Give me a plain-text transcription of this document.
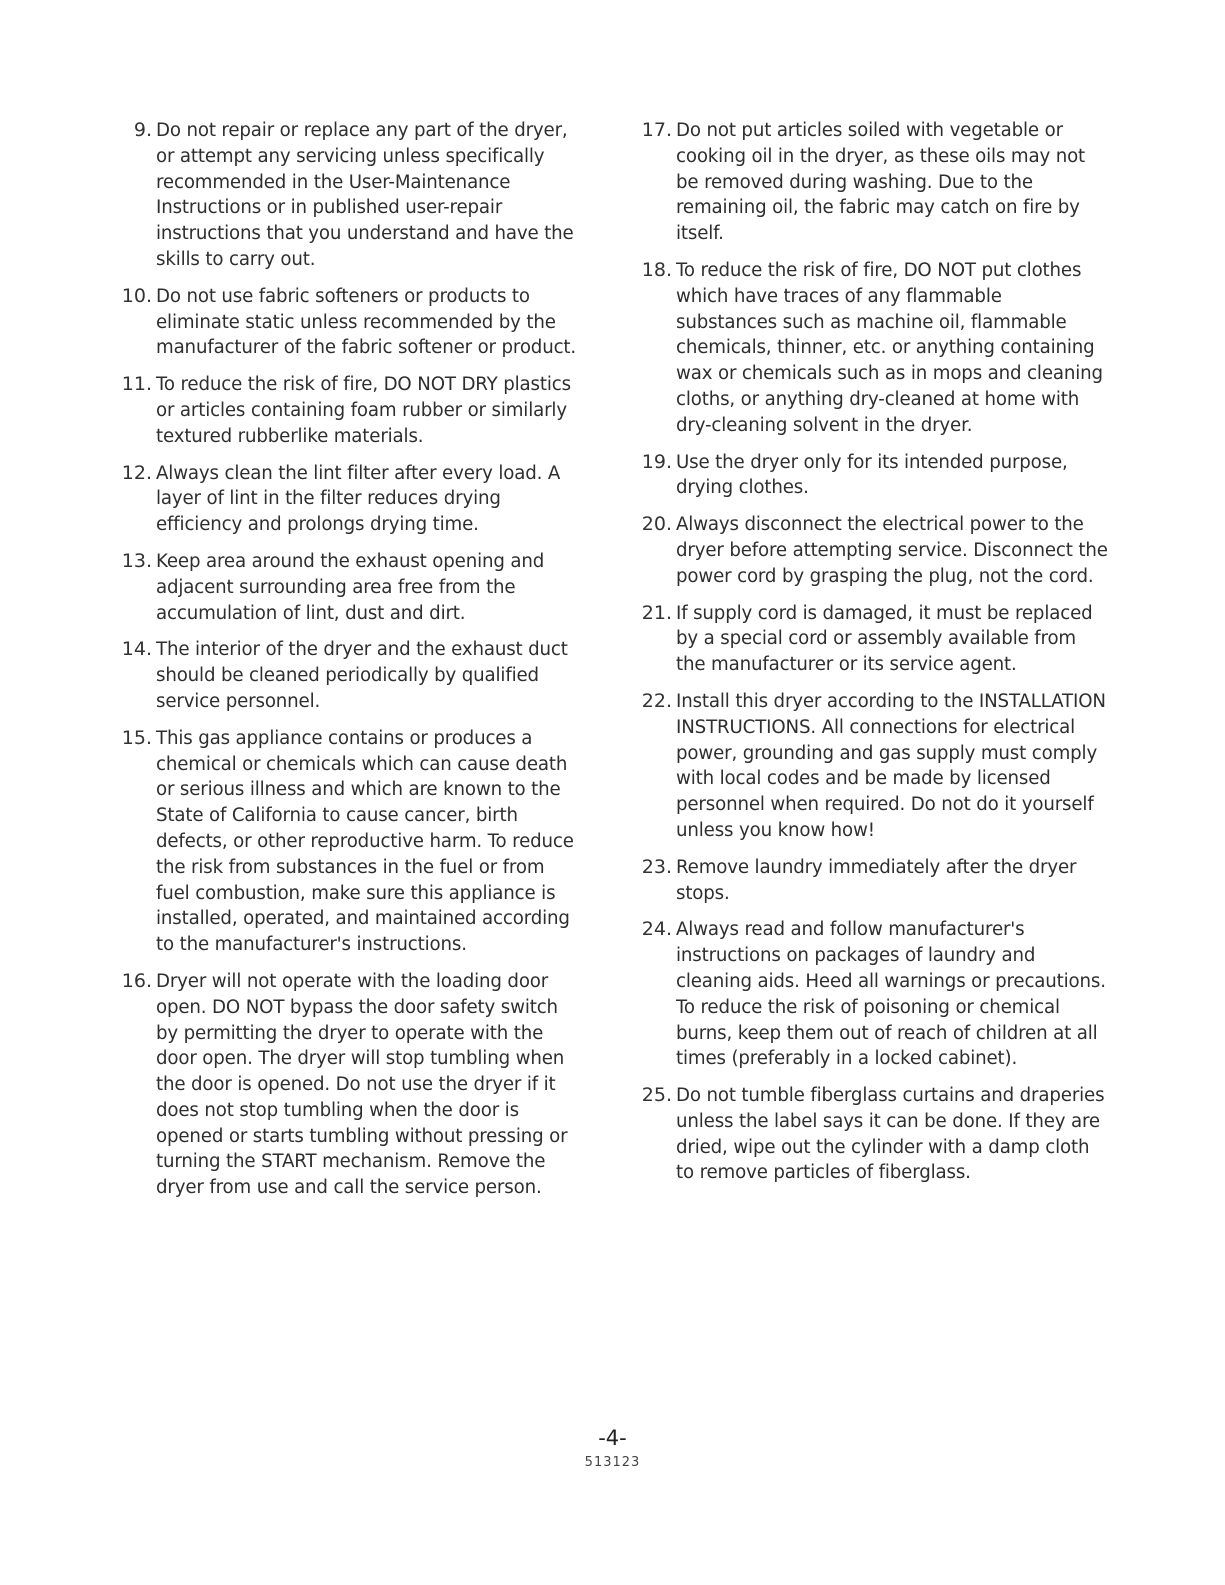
9. Do not repair or replace any part of the dryer, or attempt any servicing unless specifically recommended in the User-Maintenance Instructions or in published user-repair instructions that you understand and have the skills to carry out.
10. Do not use fabric softeners or products to eliminate static unless recommended by the manufacturer of the fabric softener or product.
11. To reduce the risk of fire, DO NOT DRY plastics or articles containing foam rubber or similarly textured rubberlike materials.
12. Always clean the lint filter after every load. A layer of lint in the filter reduces drying efficiency and prolongs drying time.
13. Keep area around the exhaust opening and adjacent surrounding area free from the accumulation of lint, dust and dirt.
14. The interior of the dryer and the exhaust duct should be cleaned periodically by qualified service personnel.
15. This gas appliance contains or produces a chemical or chemicals which can cause death or serious illness and which are known to the State of California to cause cancer, birth defects, or other reproductive harm. To reduce the risk from substances in the fuel or from fuel combustion, make sure this appliance is installed, operated, and maintained according to the manufacturer's instructions.
16. Dryer will not operate with the loading door open. DO NOT bypass the door safety switch by permitting the dryer to operate with the door open. The dryer will stop tumbling when the door is opened. Do not use the dryer if it does not stop tumbling when the door is opened or starts tumbling without pressing or turning the START mechanism. Remove the dryer from use and call the service person.
17. Do not put articles soiled with vegetable or cooking oil in the dryer, as these oils may not be removed during washing. Due to the remaining oil, the fabric may catch on fire by itself.
18. To reduce the risk of fire, DO NOT put clothes which have traces of any flammable substances such as machine oil, flammable chemicals, thinner, etc. or anything containing wax or chemicals such as in mops and cleaning cloths, or anything dry-cleaned at home with dry-cleaning solvent in the dryer.
19. Use the dryer only for its intended purpose, drying clothes.
20. Always disconnect the electrical power to the dryer before attempting service. Disconnect the power cord by grasping the plug, not the cord.
21. If supply cord is damaged, it must be replaced by a special cord or assembly available from the manufacturer or its service agent.
22. Install this dryer according to the INSTALLATION INSTRUCTIONS. All connections for electrical power, grounding and gas supply must comply with local codes and be made by licensed personnel when required. Do not do it yourself unless you know how!
23. Remove laundry immediately after the dryer stops.
24. Always read and follow manufacturer's instructions on packages of laundry and cleaning aids. Heed all warnings or precautions. To reduce the risk of poisoning or chemical burns, keep them out of reach of children at all times (preferably in a locked cabinet).
25. Do not tumble fiberglass curtains and draperies unless the label says it can be done. If they are dried, wipe out the cylinder with a damp cloth to remove particles of fiberglass.
-4-
513123
